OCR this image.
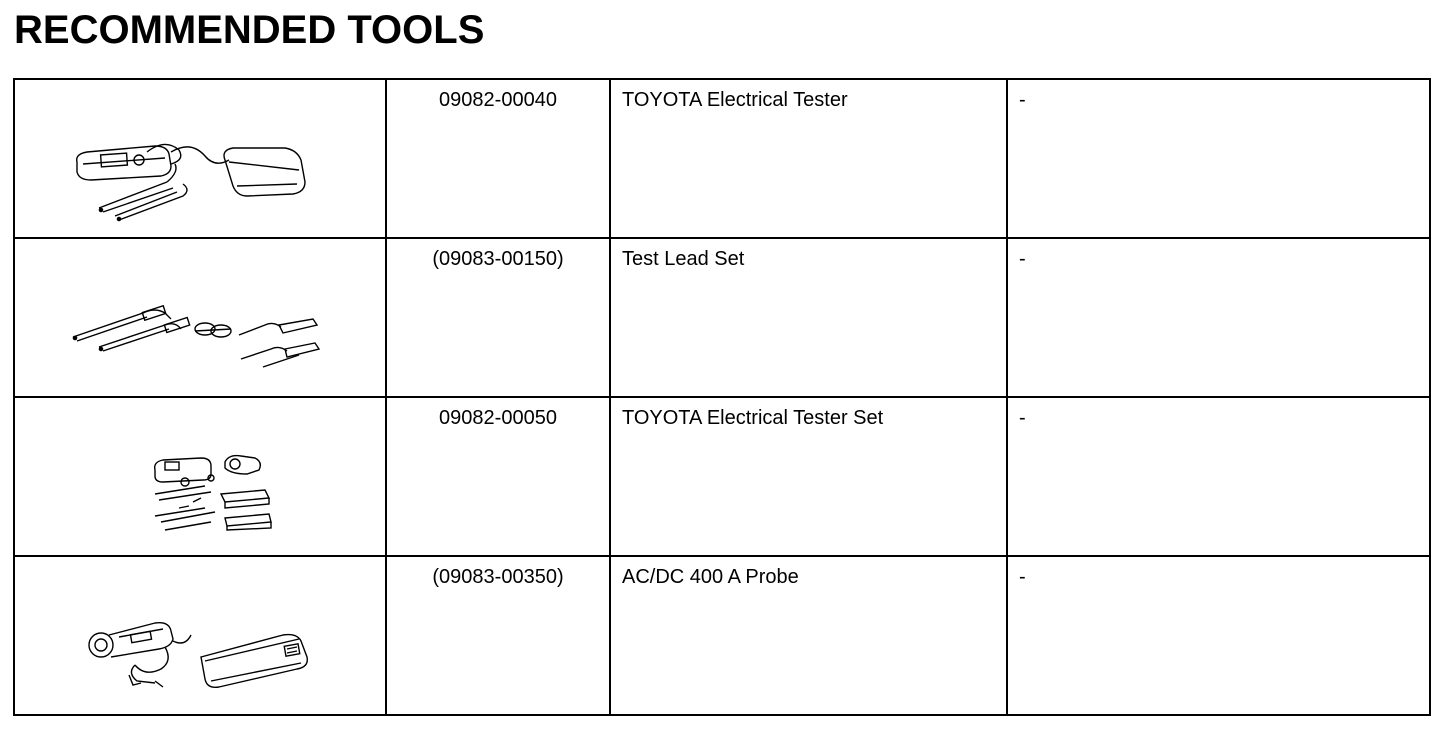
RECOMMENDED TOOLS
	09082-00040	TOYOTA Electrical Tester	-

	(09083-00150)	Test Lead Set	-

	09082-00050	TOYOTA Electrical Tester Set	-

	(09083-00350)	AC/DC 400 A Probe	-
